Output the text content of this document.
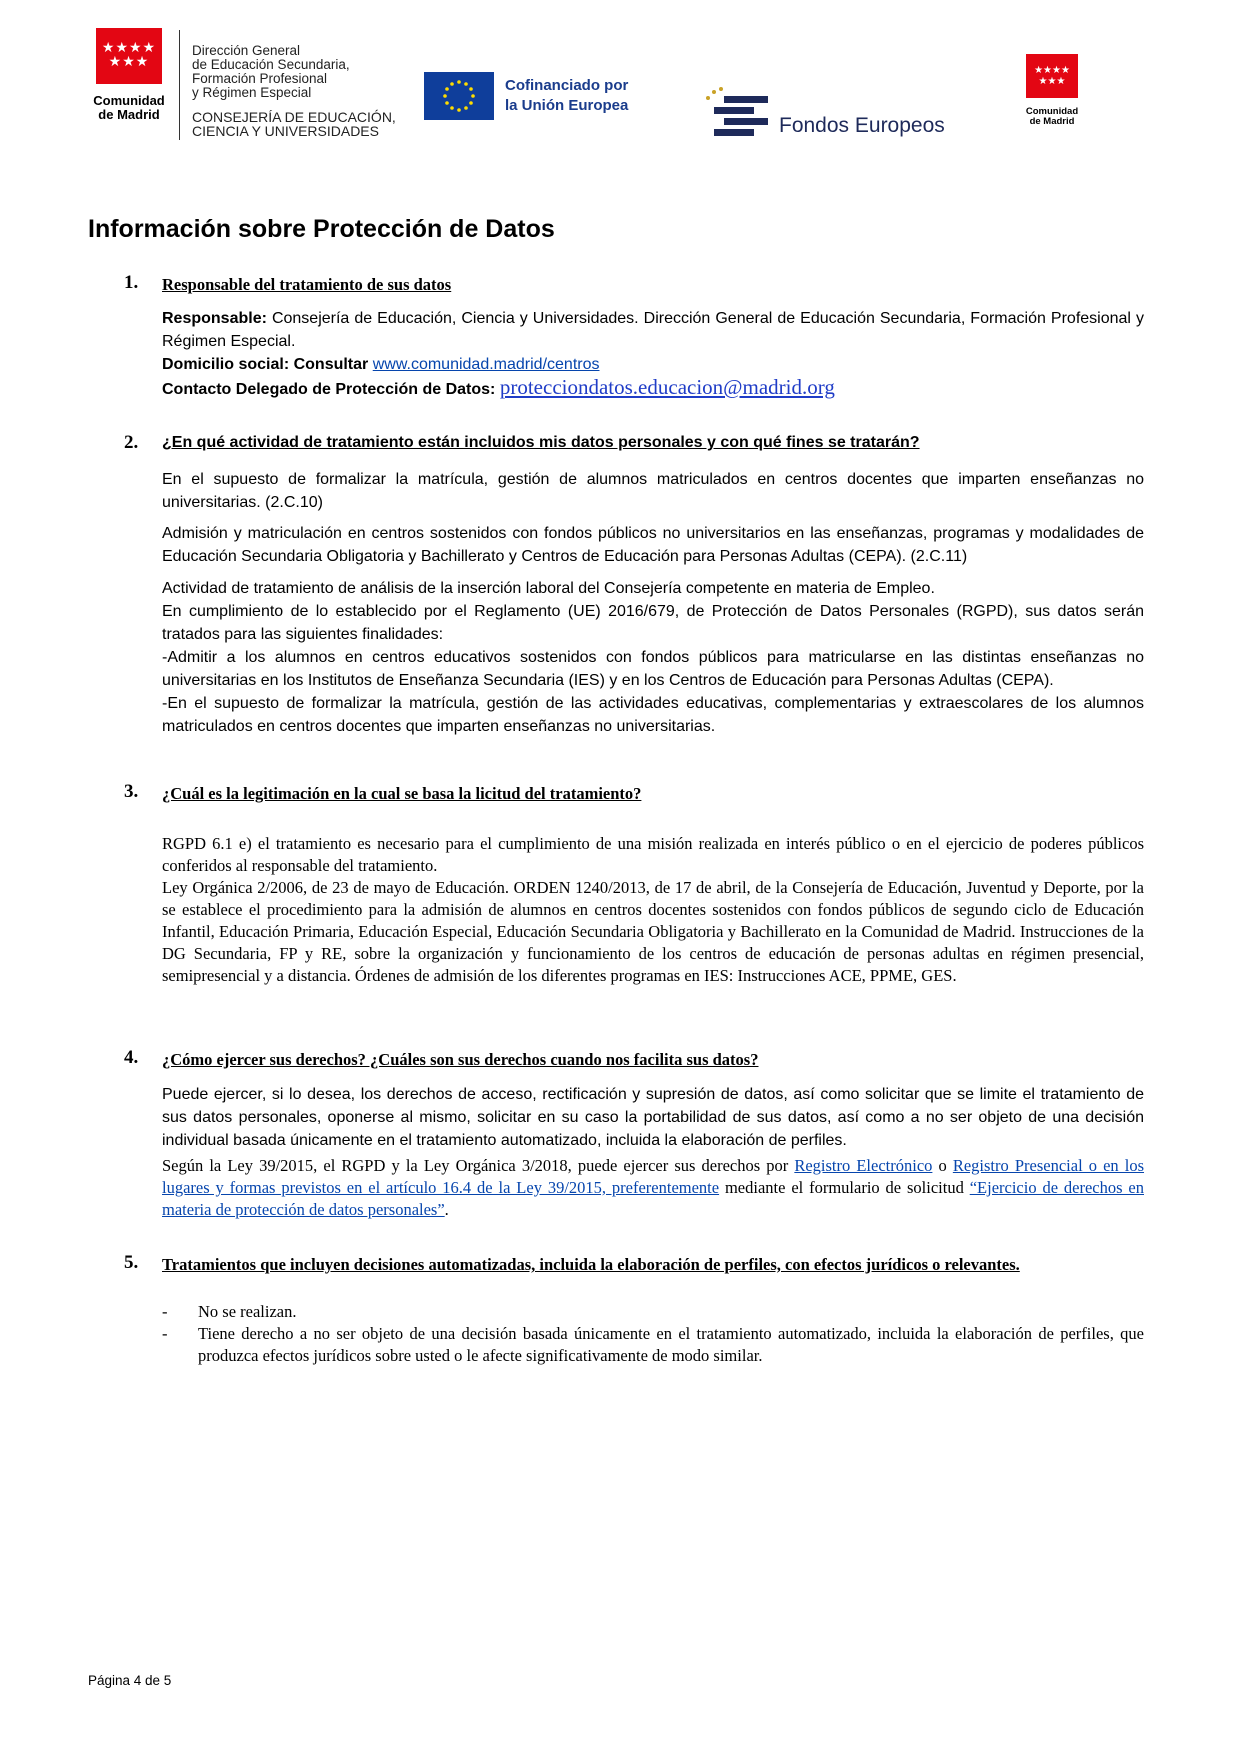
★★★★
★★★
Comunidad
de Madrid
Dirección General
de Educación Secundaria,
Formación Profesional
y Régimen Especial
CONSEJERÍA DE EDUCACIÓN,
CIENCIA Y UNIVERSIDADES
Cofinanciado por
la Unión Europea
Fondos Europeos
★★★★
★★★
Comunidad
de Madrid
Información sobre Protección de Datos
1. Responsable del tratamiento de sus datos

Responsable: Consejería de Educación, Ciencia y Universidades. Dirección General de Educación Secundaria, Formación Profesional y Régimen Especial.

Domicilio social: Consultar www.comunidad.madrid/centros

Contacto Delegado de Protección de Datos: protecciondatos.educacion@madrid.org

2. ¿En qué actividad de tratamiento están incluidos mis datos personales y con qué fines se tratarán?

En el supuesto de formalizar la matrícula, gestión de alumnos matriculados en centros docentes que imparten enseñanzas no universitarias. (2.C.10)

Admisión y matriculación en centros sostenidos con fondos públicos no universitarios en las enseñanzas, programas y modalidades de Educación Secundaria Obligatoria y Bachillerato y Centros de Educación para Personas Adultas (CEPA). (2.C.11)

Actividad de tratamiento de análisis de la inserción laboral del Consejería competente en materia de Empleo.

En cumplimiento de lo establecido por el Reglamento (UE) 2016/679, de Protección de Datos Personales (RGPD), sus datos serán tratados para las siguientes finalidades:

-Admitir a los alumnos en centros educativos sostenidos con fondos públicos para matricularse en las distintas enseñanzas no universitarias en los Institutos de Enseñanza Secundaria (IES) y en los Centros de Educación para Personas Adultas (CEPA).

-En el supuesto de formalizar la matrícula, gestión de las actividades educativas, complementarias y extraescolares de los alumnos matriculados en centros docentes que imparten enseñanzas no universitarias.

3. ¿Cuál es la legitimación en la cual se basa la licitud del tratamiento?

RGPD 6.1 e) el tratamiento es necesario para el cumplimiento de una misión realizada en interés público o en el ejercicio de poderes públicos conferidos al responsable del tratamiento.

Ley Orgánica 2/2006, de 23 de mayo de Educación. ORDEN 1240/2013, de 17 de abril, de la Consejería de Educación, Juventud y Deporte, por la se establece el procedimiento para la admisión de alumnos en centros docentes sostenidos con fondos públicos de segundo ciclo de Educación Infantil, Educación Primaria, Educación Especial, Educación Secundaria Obligatoria y Bachillerato en la Comunidad de Madrid. Instrucciones de la DG Secundaria, FP y RE, sobre la organización y funcionamiento de los centros de educación de personas adultas en régimen presencial, semipresencial y a distancia. Órdenes de admisión de los diferentes programas en IES: Instrucciones ACE, PPME, GES.

4. ¿Cómo ejercer sus derechos? ¿Cuáles son sus derechos cuando nos facilita sus datos?

Puede ejercer, si lo desea, los derechos de acceso, rectificación y supresión de datos, así como solicitar que se limite el tratamiento de sus datos personales, oponerse al mismo, solicitar en su caso la portabilidad de sus datos, así como a no ser objeto de una decisión individual basada únicamente en el tratamiento automatizado, incluida la elaboración de perfiles.

Según la Ley 39/2015, el RGPD y la Ley Orgánica 3/2018, puede ejercer sus derechos por Registro Electrónico o Registro Presencial o en los lugares y formas previstos en el artículo 16.4 de la Ley 39/2015, preferentemente mediante el formulario de solicitud “Ejercicio de derechos en materia de protección de datos personales”.

5. Tratamientos que incluyen decisiones automatizadas, incluida la elaboración de perfiles, con efectos jurídicos o relevantes.
-	No se realizan.
-	Tiene derecho a no ser objeto de una decisión basada únicamente en el tratamiento automatizado, incluida la elaboración de perfiles, que produzca efectos jurídicos sobre usted o le afecte significativamente de modo similar.
Página 4 de 5
